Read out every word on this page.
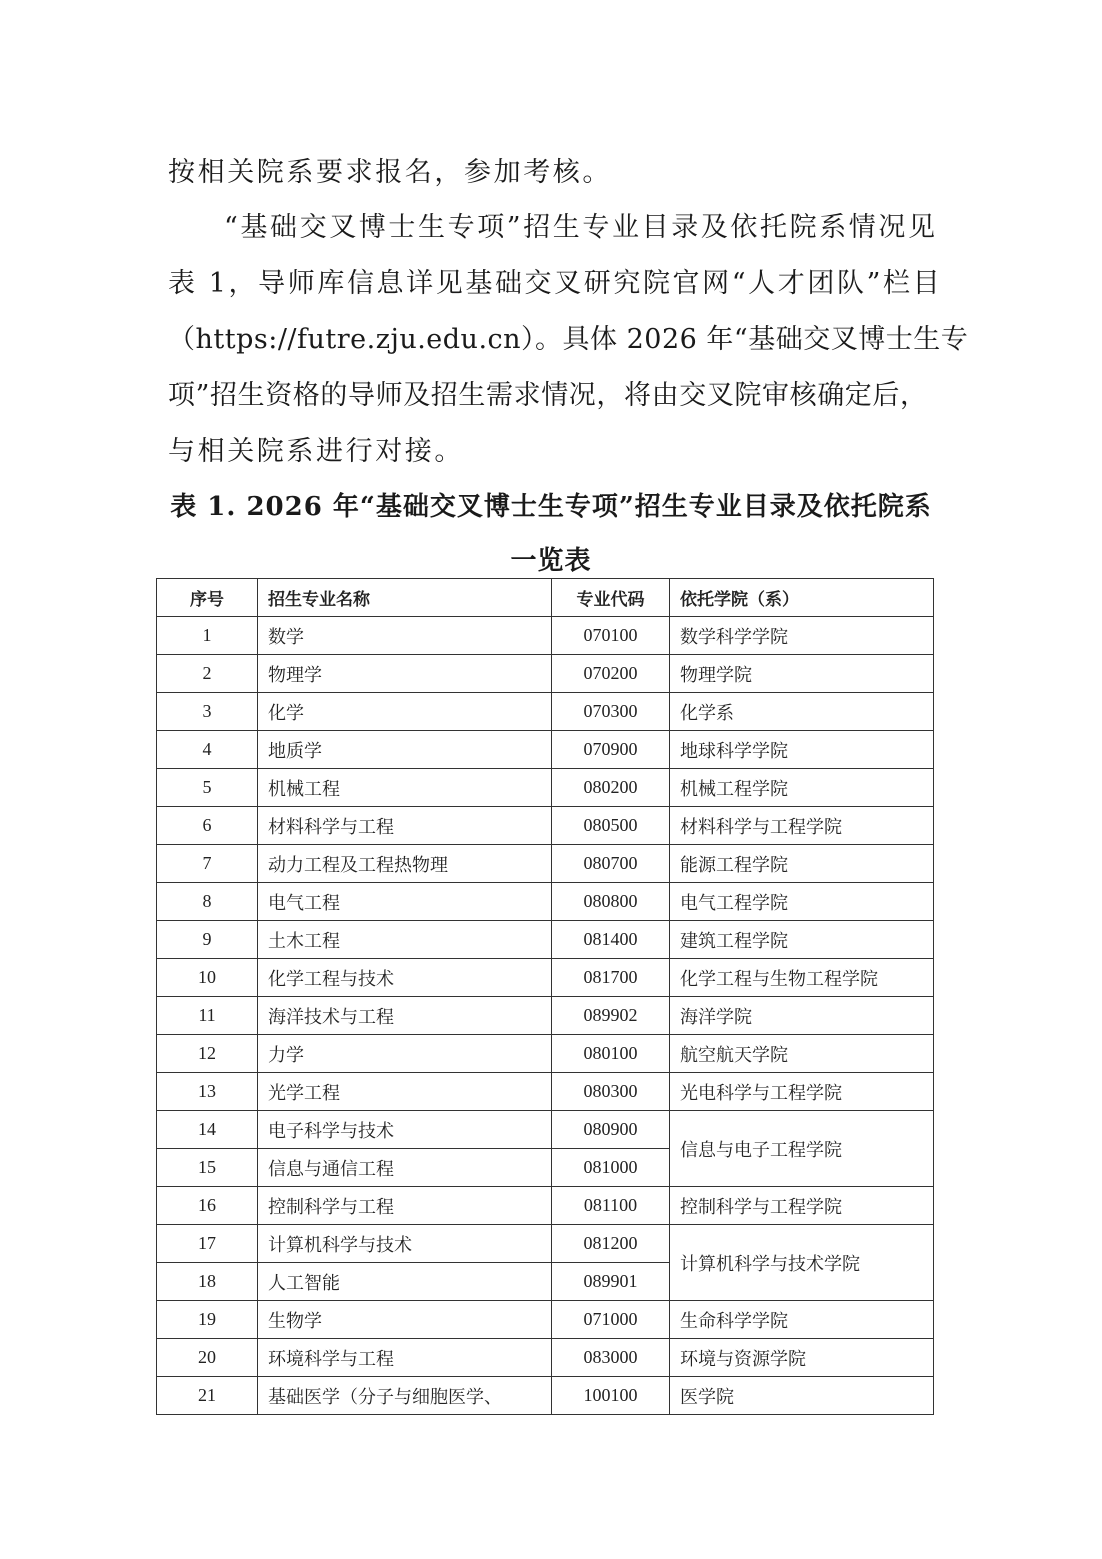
按相关院系要求报名，参加考核。
“基础交叉博士生专项”招生专业目录及依托院系情况见
表 1，导师库信息详见基础交叉研究院官网“人才团队”栏目
（https://futre.zju.edu.cn）。具体 2026 年“基础交叉博士生专
项”招生资格的导师及招生需求情况，将由交叉院审核确定后，
与相关院系进行对接。
表 1. 2026 年“基础交叉博士生专项”招生专业目录及依托院系
一览表
序号	招生专业名称	专业代码	依托学院（系）
1	数学	070100	数学科学学院
2	物理学	070200	物理学院
3	化学	070300	化学系
4	地质学	070900	地球科学学院
5	机械工程	080200	机械工程学院
6	材料科学与工程	080500	材料科学与工程学院
7	动力工程及工程热物理	080700	能源工程学院
8	电气工程	080800	电气工程学院
9	土木工程	081400	建筑工程学院
10	化学工程与技术	081700	化学工程与生物工程学院
11	海洋技术与工程	089902	海洋学院
12	力学	080100	航空航天学院
13	光学工程	080300	光电科学与工程学院
14	电子科学与技术	080900	信息与电子工程学院
15	信息与通信工程	081000	
16	控制科学与工程	081100	控制科学与工程学院
17	计算机科学与技术	081200	计算机科学与技术学院
18	人工智能	089901	
19	生物学	071000	生命科学学院
20	环境科学与工程	083000	环境与资源学院
21	基础医学（分子与细胞医学、	100100	医学院
